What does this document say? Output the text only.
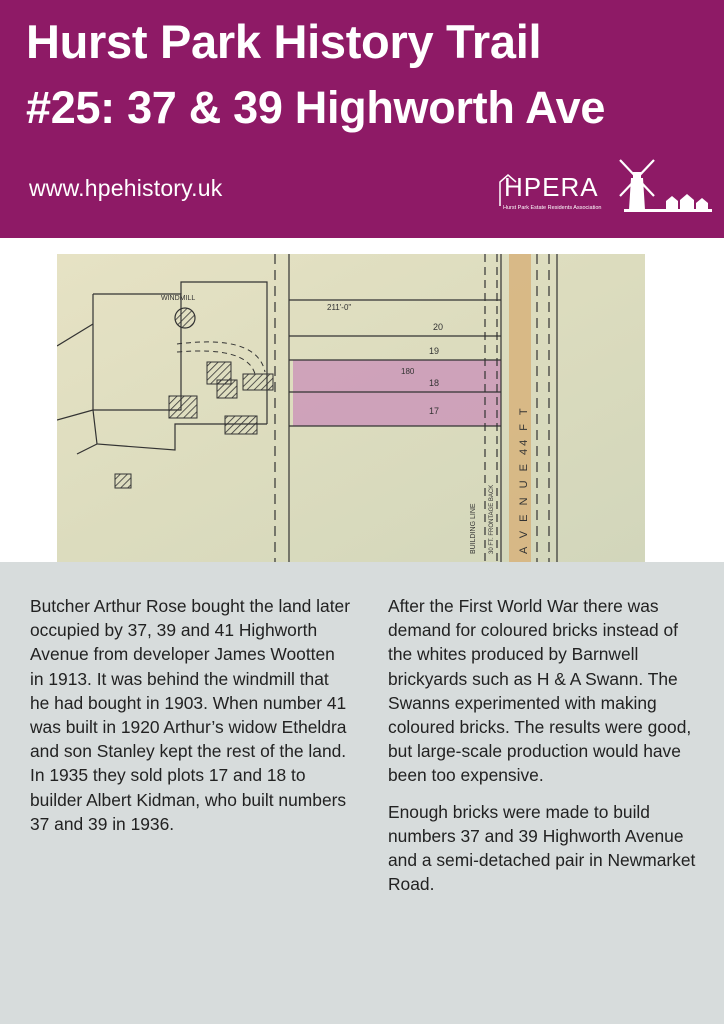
Hurst Park History Trail
#25: 37 & 39 Highworth Ave
www.hpehistory.uk	HPERA
Hurst Park Estate Residents Association
WINDMILL
211'-0"
20
19
180
18
17	A V E N U E 44 F T
BUILDING LINE 30 FT. FRONTAGE BACK

Butcher Arthur Rose bought the land later occupied by 37, 39 and 41 Highworth Avenue from developer James Wootten in 1913. It was behind the windmill that he had bought in 1903. When number 41 was built in 1920 Arthur’s widow Etheldra and son Stanley kept the rest of the land. In 1935 they sold plots 17 and 18 to builder Albert Kidman, who built numbers 37 and 39 in 1936.

After the First World War there was demand for coloured bricks instead of the whites produced by Barnwell brickyards such as H & A Swann. The Swanns experimented with making coloured bricks. The results were good, but large-scale production would have been too expensive.

Enough bricks were made to build numbers 37 and 39 Highworth Avenue and a semi-detached pair in Newmarket Road.
